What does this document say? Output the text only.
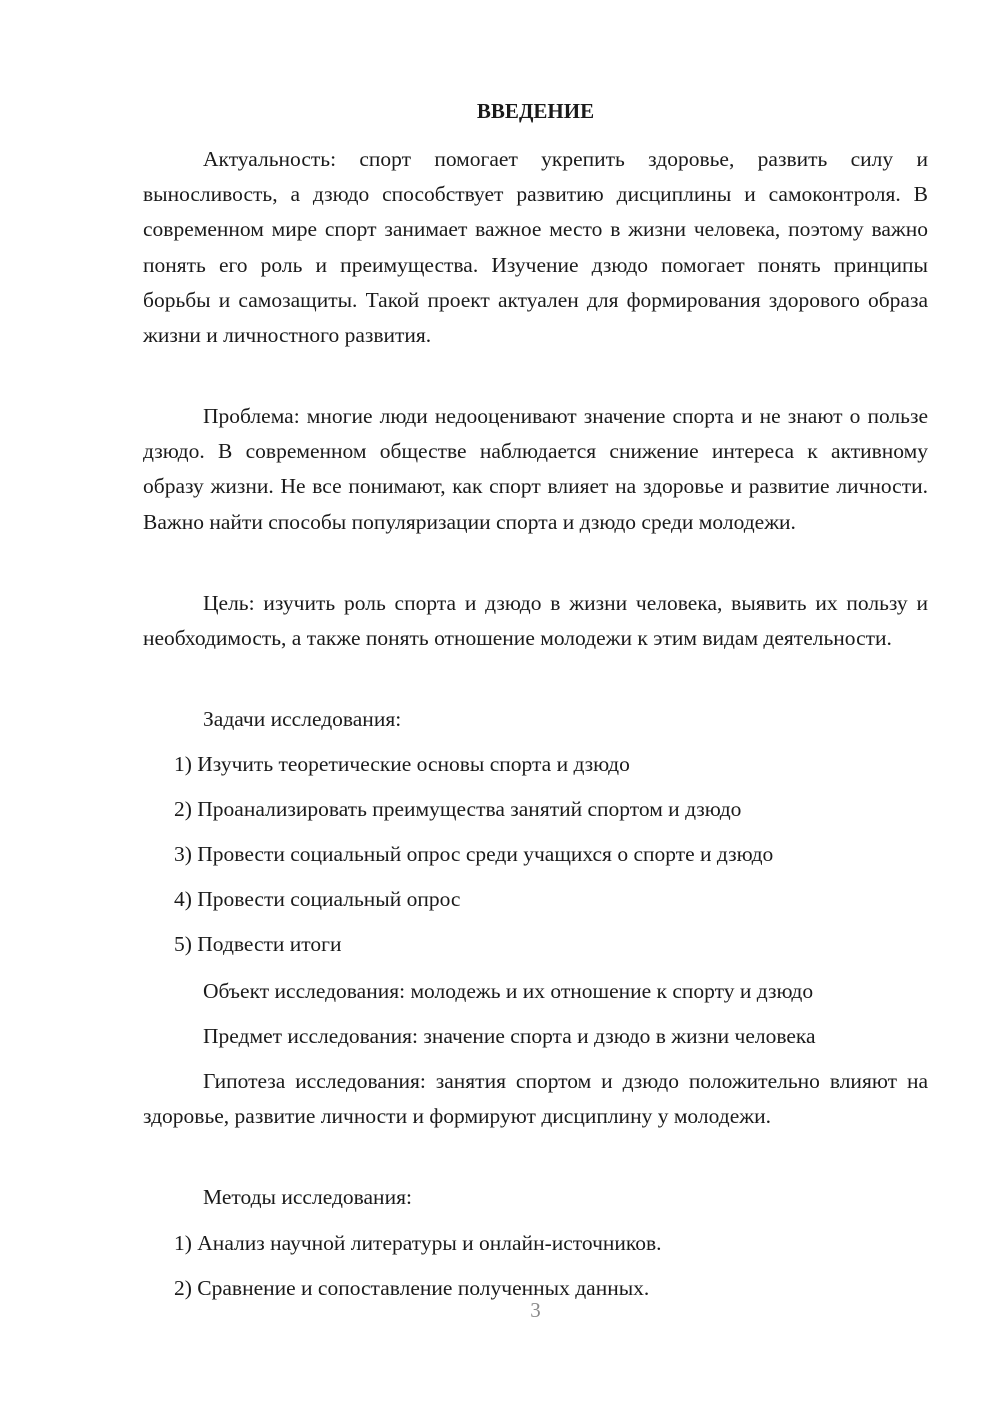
ВВЕДЕНИЕ

Актуальность: спорт помогает укрепить здоровье, развить силу и выносливость, а дзюдо способствует развитию дисциплины и самоконтроля. В современном мире спорт занимает важное место в жизни человека, поэтому важно понять его роль и преимущества. Изучение дзюдо помогает понять принципы борьбы и самозащиты. Такой проект актуален для формирования здорового образа жизни и личностного развития.

Проблема: многие люди недооценивают значение спорта и не знают о пользе дзюдо. В современном обществе наблюдается снижение интереса к активному образу жизни. Не все понимают, как спорт влияет на здоровье и развитие личности. Важно найти способы популяризации спорта и дзюдо среди молодежи.

Цель: изучить роль спорта и дзюдо в жизни человека, выявить их пользу и необходимость, а также понять отношение молодежи к этим видам деятельности.

Задачи исследования:

1) Изучить теоретические основы спорта и дзюдо

2) Проанализировать преимущества занятий спортом и дзюдо

3) Провести социальный опрос среди учащихся о спорте и дзюдо

4) Провести социальный опрос

5) Подвести итоги

Объект исследования: молодежь и их отношение к спорту и дзюдо

Предмет исследования: значение спорта и дзюдо в жизни человека

Гипотеза исследования: занятия спортом и дзюдо положительно влияют на здоровье, развитие личности и формируют дисциплину у молодежи.

Методы исследования:

1) Анализ научной литературы и онлайн-источников.

2) Сравнение и сопоставление полученных данных.

3
